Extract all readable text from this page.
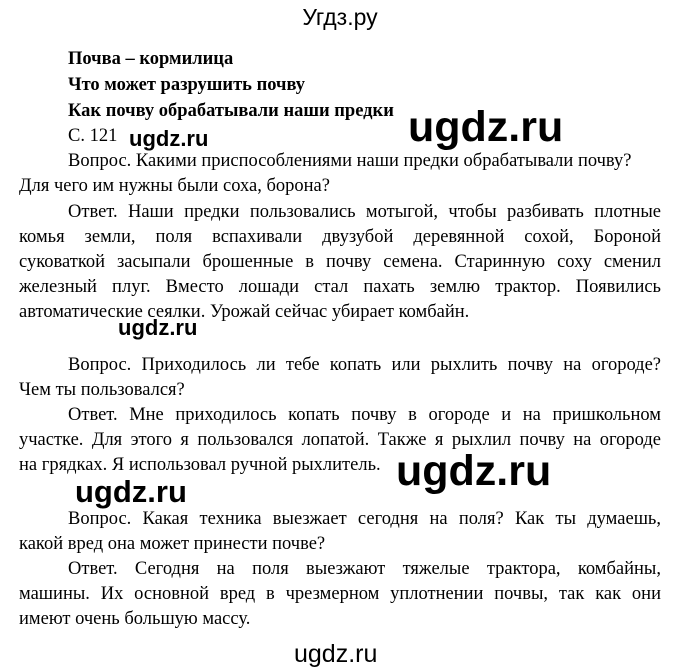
Угдз.ру
Почва – кормилица
Что может разрушить почву
Как почву обрабатывали наши предки
С. 121
Вопрос. Какими приспособлениями наши предки обрабатывали почву?
Для чего им нужны были соха, борона?
Ответ. Наши предки пользовались мотыгой, чтобы разбивать плотные
комья земли, поля вспахивали двузубой деревянной сохой, Бороной
суковаткой засыпали брошенные в почву семена. Старинную соху сменил
железный плуг. Вместо лошади стал пахать землю трактор. Появились
автоматические сеялки. Урожай сейчас убирает комбайн.
Вопрос. Приходилось ли тебе копать или рыхлить почву на огороде?
Чем ты пользовался?
Ответ. Мне приходилось копать почву в огороде и на пришкольном
участке. Для этого я пользовался лопатой. Также я рыхлил почву на огороде
на грядках. Я использовал ручной рыхлитель.
Вопрос. Какая техника выезжает сегодня на поля? Как ты думаешь,
какой вред она может принести почве?
Ответ. Сегодня на поля выезжают тяжелые трактора, комбайны,
машины. Их основной вред в чрезмерном уплотнении почвы, так как они
имеют очень большую массу.
ugdz.ru
ugdz.ru
ugdz.ru
ugdz.ru
ugdz.ru
ugdz.ru
